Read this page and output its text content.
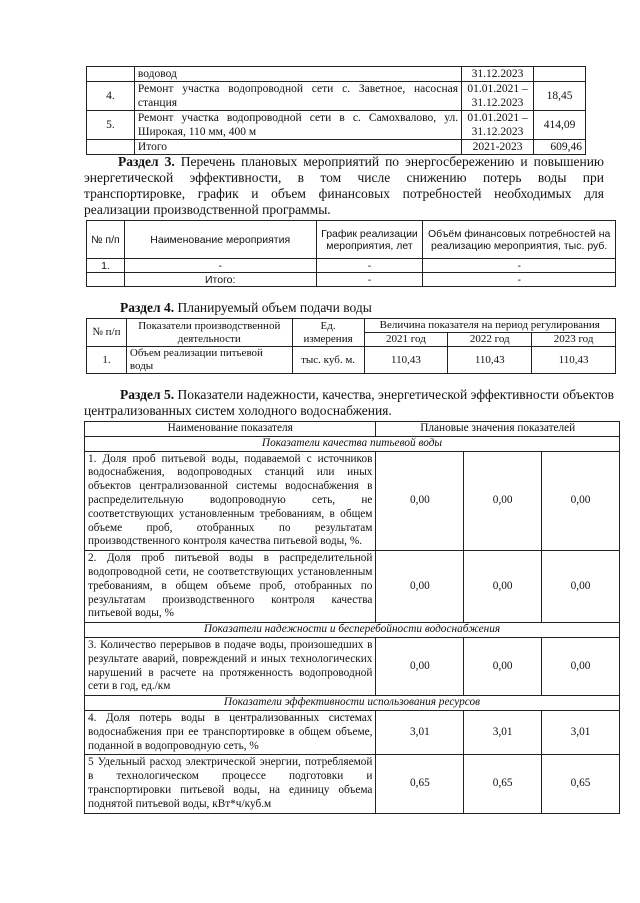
	водовод	31.12.2023	
4.	Ремонт участка водопроводной сети с. Заветное, насосная станция	01.01.2021 – 31.12.2023	18,45
5.	Ремонт участка водопроводной сети в с. Самохвалово, ул. Широкая, 110 мм, 400 м	01.01.2021 – 31.12.2023	414,09
	Итого	2021-2023	609,46
Раздел 3. Перечень плановых мероприятий по энергосбережению и повышению энергетической эффективности, в том числе снижению потерь воды при транспортировке, график и объем финансовых потребностей необходимых для реализации производственной программы.
№ п/п	Наименование мероприятия	График реализации мероприятия, лет	Объём финансовых потребностей на реализацию мероприятия, тыс. руб.
1.	-	-	-
	Итого:	-	-
Раздел 4. Планируемый объем подачи воды
№ п/п	Показатели производственной деятельности	Ед. измерения	Величина показателя на период регулирования		
			2021 год	2022 год	2023 год
1.	Объем реализации питьевой воды	тыс. куб. м.	110,43	110,43	110,43
Раздел 5. Показатели надежности, качества, энергетической эффективности объектов централизованных систем холодного водоснабжения.
Наименование показателя	Плановые значения показателей		
Показатели качества питьевой воды			
1. Доля проб питьевой воды, подаваемой с источников водоснабжения, водопроводных станций или иных объектов централизованной системы водоснабжения в распределительную водопроводную сеть, не соответствующих установленным требованиям, в общем объеме проб, отобранных по результатам производственного контроля качества питьевой воды, %.	0,00	0,00	0,00
2. Доля проб питьевой воды в распределительной водопроводной сети, не соответствующих установленным требованиям, в общем объеме проб, отобранных по результатам производственного контроля качества питьевой воды, %	0,00	0,00	0,00
Показатели надежности и бесперебойности водоснабжения			
3. Количество перерывов в подаче воды, произошедших в результате аварий, повреждений и иных технологических нарушений в расчете на протяженность водопроводной сети в год, ед./км	0,00	0,00	0,00
Показатели эффективности использования ресурсов			
4. Доля потерь воды в централизованных системах водоснабжения при ее транспортировке в общем объеме, поданной в водопроводную сеть, %	3,01	3,01	3,01
5 Удельный расход электрической энергии, потребляемой в технологическом процессе подготовки и транспортировки питьевой воды, на единицу объема поднятой питьевой воды, кВт*ч/куб.м	0,65	0,65	0,65
